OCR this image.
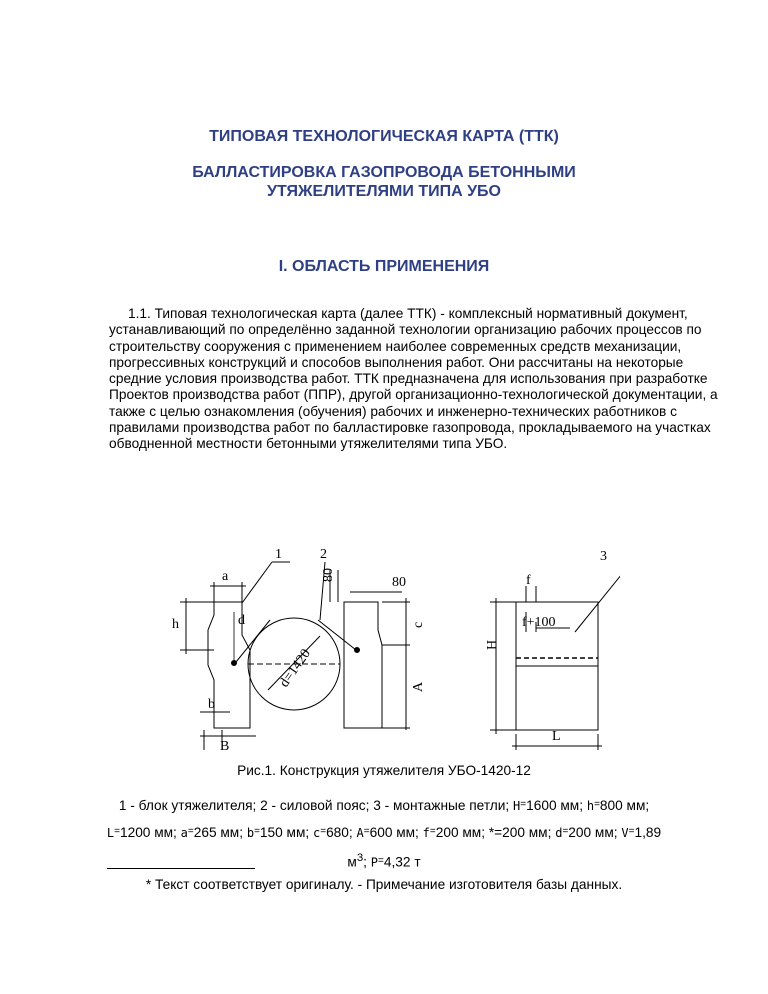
ТИПОВАЯ ТЕХНОЛОГИЧЕСКАЯ КАРТА (ТТК)
БАЛЛАСТИРОВКА ГАЗОПРОВОДА БЕТОННЫМИ УТЯЖЕЛИТЕЛЯМИ ТИПА УБО
I. ОБЛАСТЬ ПРИМЕНЕНИЯ
1.1. Типовая технологическая карта (далее ТТК) - комплексный нормативный документ, устанавливающий по определённо заданной технологии организацию рабочих процессов по строительству сооружения с применением наиболее современных средств механизации, прогрессивных конструкций и способов выполнения работ. Они рассчитаны на некоторые средние условия производства работ. ТТК предназначена для использования при разработке Проектов производства работ (ППР), другой организационно-технологической документации, а также с целью ознакомления (обучения) рабочих и инженерно-технических работников с правилами производства работ по балластировке газопровода, прокладываемого на участках обводненной местности бетонными утяжелителями типа УБО.
1	2	3
a
h	d
b
B
d=1420
80	80
c
A
f
f+100
H
L
Рис.1. Конструкция утяжелителя УБО-1420-12
1 - блок утяжелителя; 2 - силовой пояс; 3 - монтажные петли; H=1600 мм; h=800 мм; L=1200 мм; a=265 мм; b=150 мм; c=680; A=600 мм; f=200 мм; *=200 мм; d=200 мм; V=1,89 $м^3$; P=4,32 т
* Текст соответствует оригиналу. - Примечание изготовителя базы данных.
